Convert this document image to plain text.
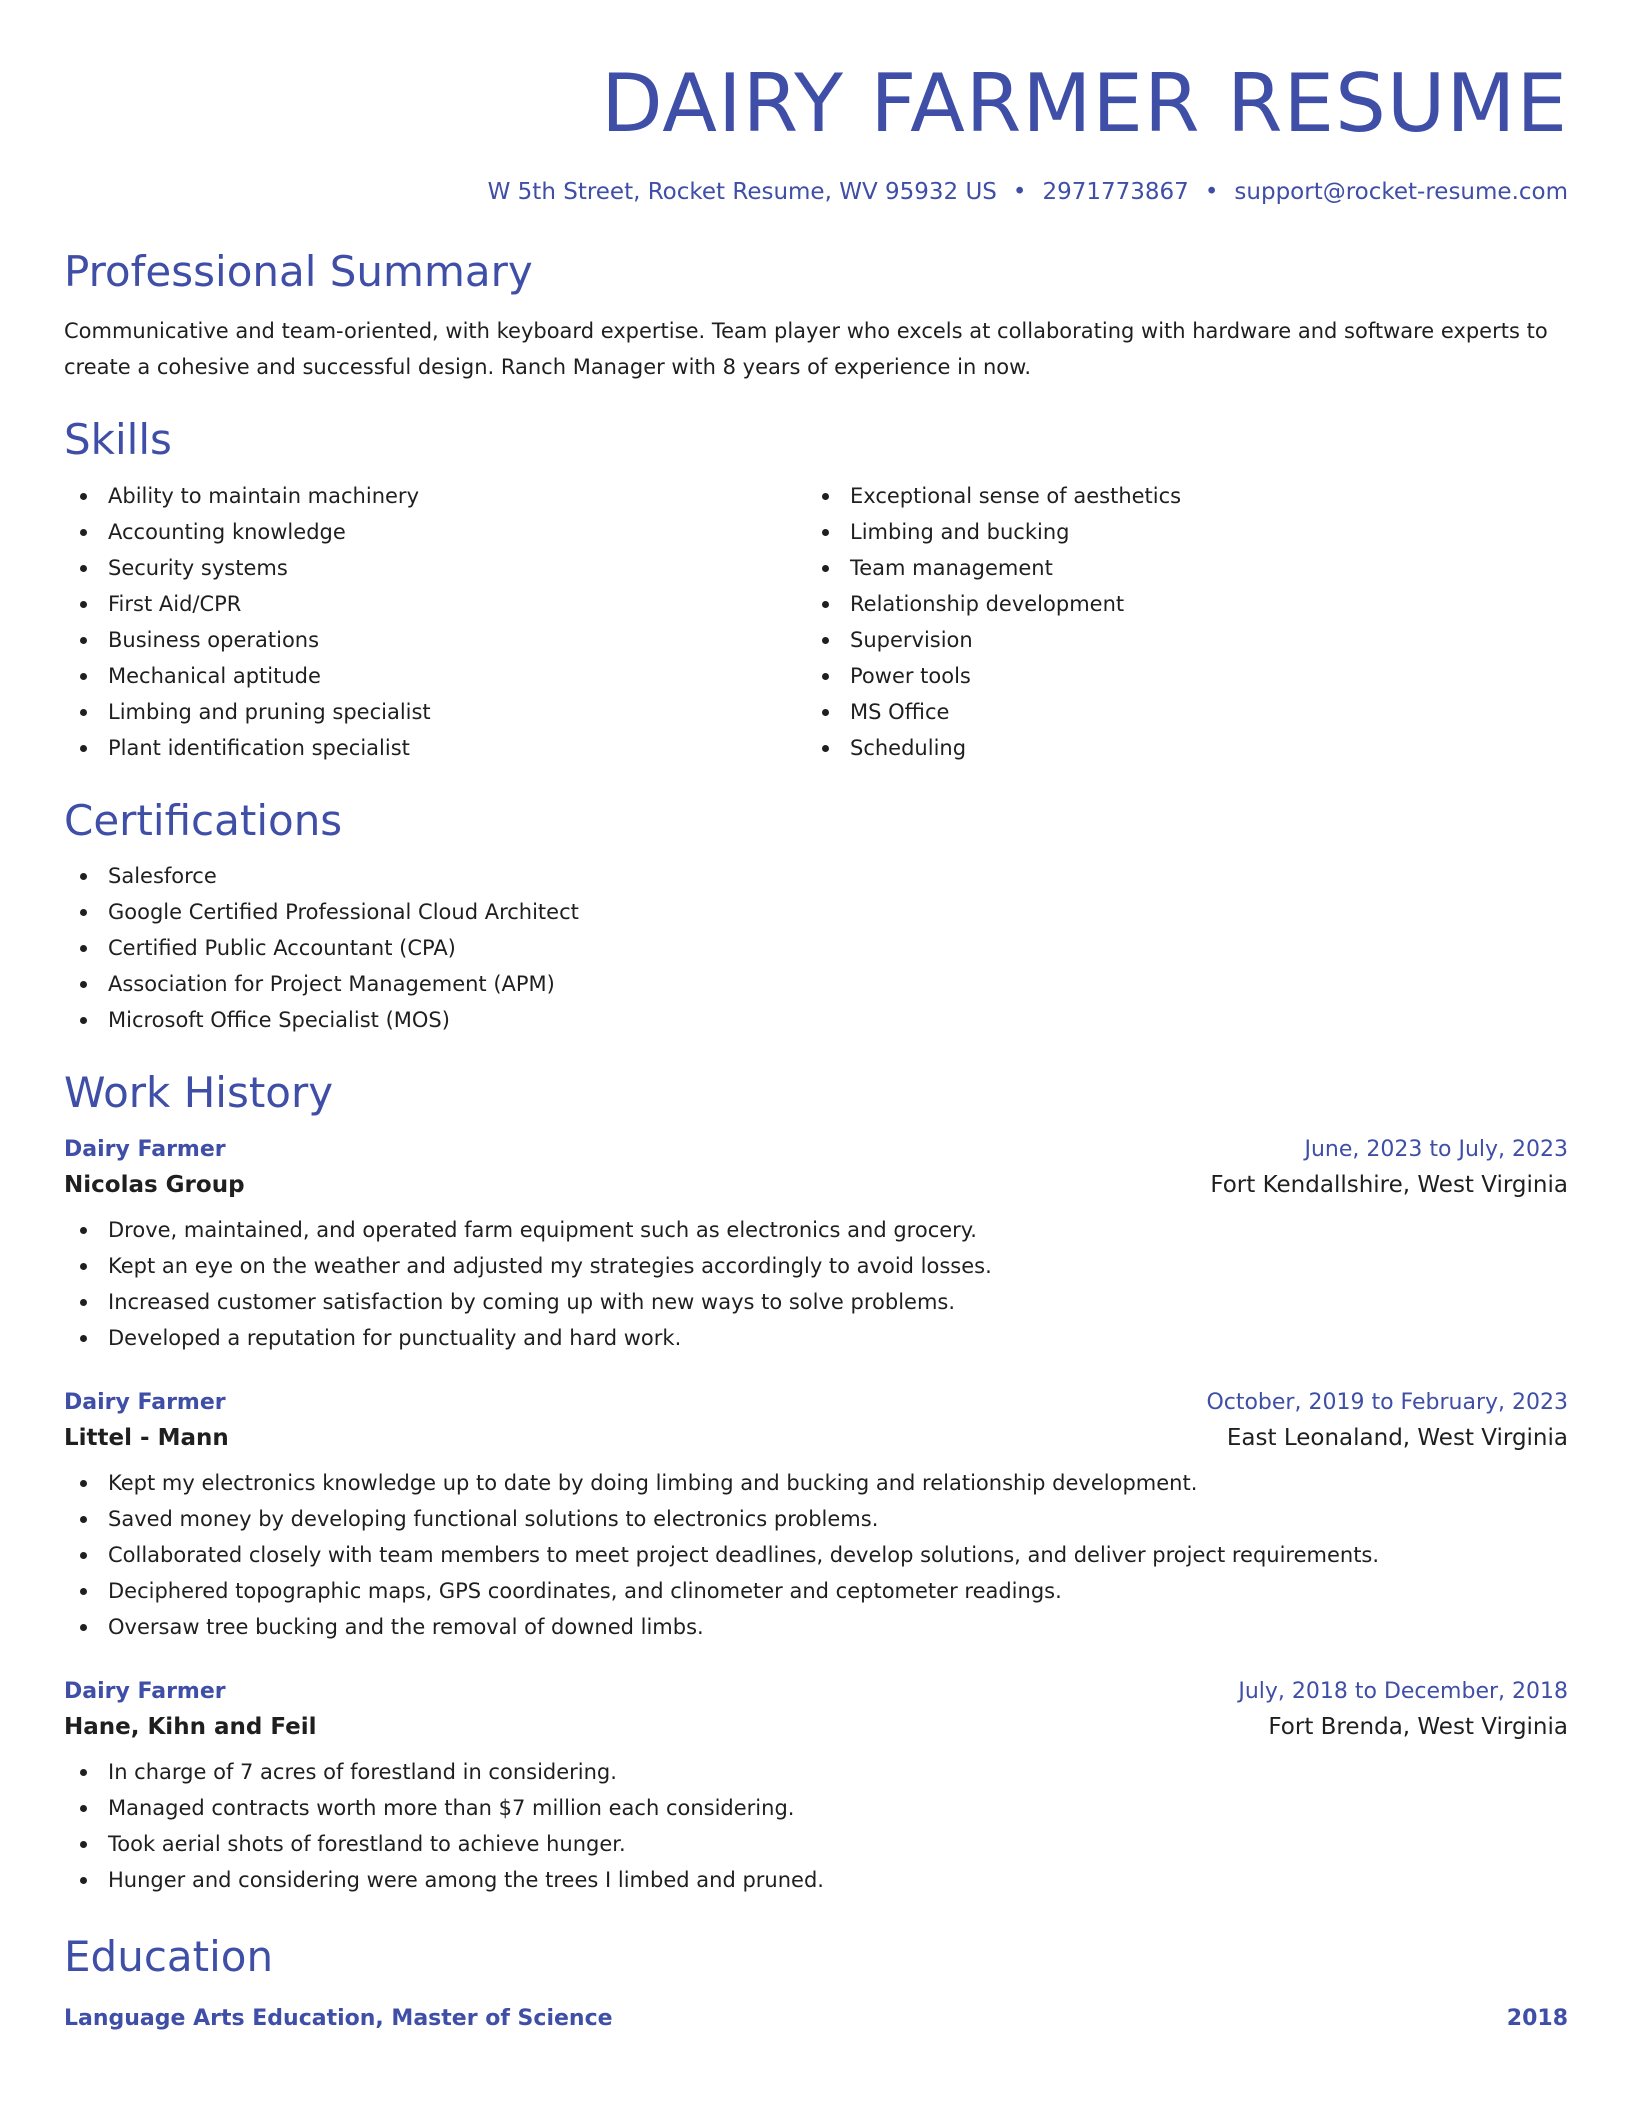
DAIRY FARMER RESUME
W 5th Street, Rocket Resume, WV 95932 US • 2971773867 • support@rocket-resume.com
Professional Summary

Communicative and team-oriented, with keyboard expertise. Team player who excels at collaborating with hardware and software experts to create a cohesive and successful design. Ranch Manager with 8 years of experience in now.

Skills
Ability to maintain machinery
Accounting knowledge
Security systems
First Aid/CPR
Business operations
Mechanical aptitude
Limbing and pruning specialist
Plant identification specialist
Exceptional sense of aesthetics
Limbing and bucking
Team management
Relationship development
Supervision
Power tools
MS Office
Scheduling
Certifications
Salesforce
Google Certified Professional Cloud Architect
Certified Public Accountant (CPA)
Association for Project Management (APM)
Microsoft Office Specialist (MOS)
Work History
Dairy Farmer	June, 2023 to July, 2023
Nicolas Group	Fort Kendallshire, West Virginia
Drove, maintained, and operated farm equipment such as electronics and grocery.
Kept an eye on the weather and adjusted my strategies accordingly to avoid losses.
Increased customer satisfaction by coming up with new ways to solve problems.
Developed a reputation for punctuality and hard work.
Dairy Farmer	October, 2019 to February, 2023
Littel - Mann	East Leonaland, West Virginia
Kept my electronics knowledge up to date by doing limbing and bucking and relationship development.
Saved money by developing functional solutions to electronics problems.
Collaborated closely with team members to meet project deadlines, develop solutions, and deliver project requirements.
Deciphered topographic maps, GPS coordinates, and clinometer and ceptometer readings.
Oversaw tree bucking and the removal of downed limbs.
Dairy Farmer	July, 2018 to December, 2018
Hane, Kihn and Feil	Fort Brenda, West Virginia
In charge of 7 acres of forestland in considering.
Managed contracts worth more than $7 million each considering.
Took aerial shots of forestland to achieve hunger.
Hunger and considering were among the trees I limbed and pruned.
Education
Language Arts Education, Master of Science	2018
